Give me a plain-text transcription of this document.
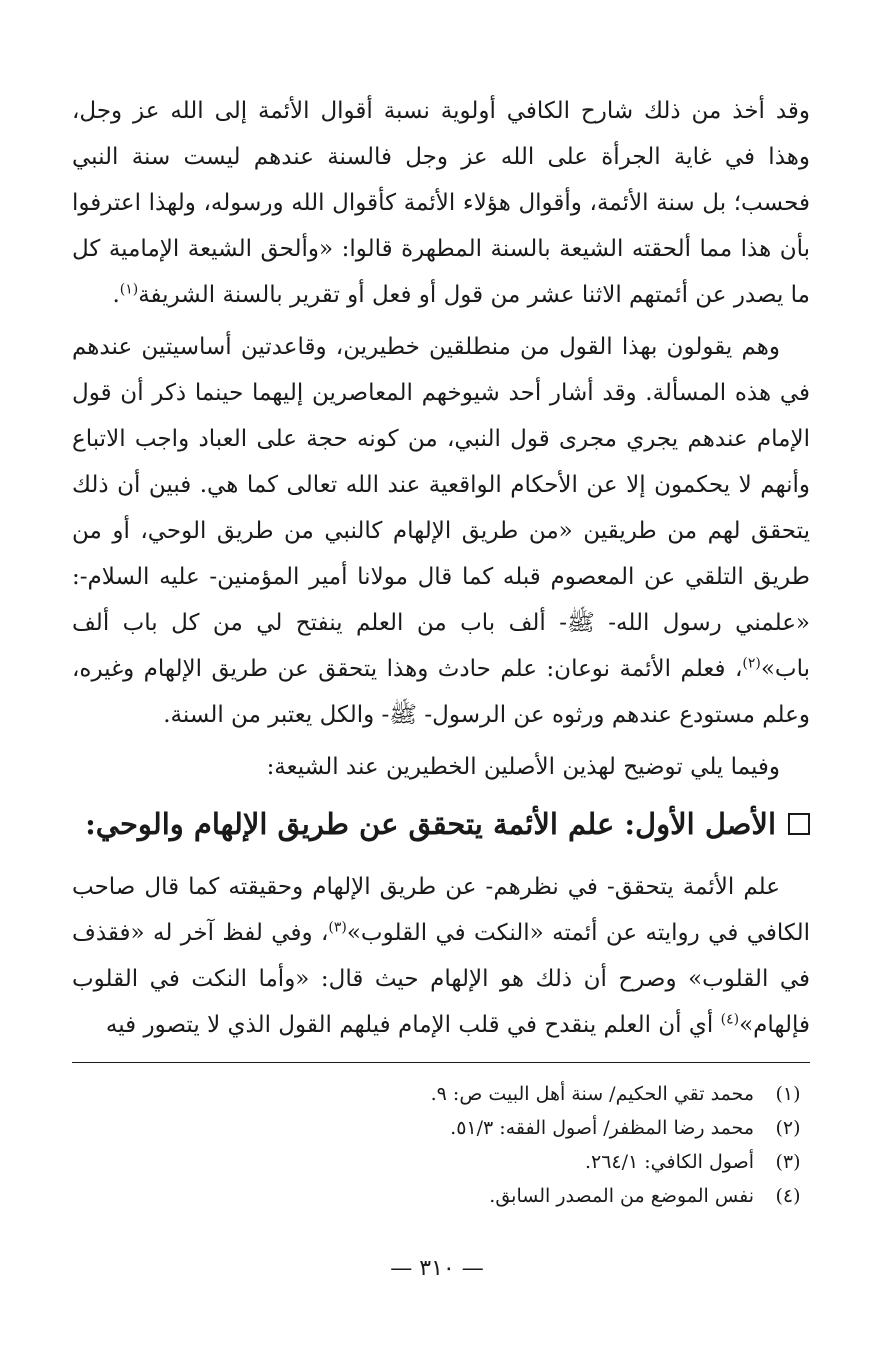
وقد أخذ من ذلك شارح الكافي أولوية نسبة أقوال الأئمة إلى الله عز وجل، وهذا في غاية الجرأة على الله عز وجل فالسنة عندهم ليست سنة النبي فحسب؛ بل سنة الأئمة، وأقوال هؤلاء الأئمة كأقوال الله ورسوله، ولهذا اعترفوا بأن هذا مما ألحقته الشيعة بالسنة المطهرة قالوا: «وألحق الشيعة الإمامية كل ما يصدر عن أئمتهم الاثنا عشر من قول أو فعل أو تقرير بالسنة الشريفة$^{(١)}$.

وهم يقولون بهذا القول من منطلقين خطيرين، وقاعدتين أساسيتين عندهم في هذه المسألة. وقد أشار أحد شيوخهم المعاصرين إليهما حينما ذكر أن قول الإمام عندهم يجري مجرى قول النبي، من كونه حجة على العباد واجب الاتباع وأنهم لا يحكمون إلا عن الأحكام الواقعية عند الله تعالى كما هي. فبين أن ذلك يتحقق لهم من طريقين «من طريق الإلهام كالنبي من طريق الوحي، أو من طريق التلقي عن المعصوم قبله كما قال مولانا أمير المؤمنين- عليه السلام-: «علمني رسول الله- ﷺ- ألف باب من العلم ينفتح لي من كل باب ألف باب»$^{(٢)}$، فعلم الأئمة نوعان: علم حادث وهذا يتحقق عن طريق الإلهام وغيره، وعلم مستودع عندهم ورثوه عن الرسول- ﷺ- والكل يعتبر من السنة.

وفيما يلي توضيح لهذين الأصلين الخطيرين عند الشيعة:

الأصل الأول: علم الأئمة يتحقق عن طريق الإلهام والوحي:

علم الأئمة يتحقق- في نظرهم- عن طريق الإلهام وحقيقته كما قال صاحب الكافي في روايته عن أئمته «النكت في القلوب»$^{(٣)}$، وفي لفظ آخر له «فقذف في القلوب» وصرح أن ذلك هو الإلهام حيث قال: «وأما النكت في القلوب فإلهام»$^{(٤)}$ أي أن العلم ينقدح في قلب الإمام فيلهم القول الذي لا يتصور فيه

(١)
محمد تقي الحكيم/ سنة أهل البيت ص: ٩.
(٢)
محمد رضا المظفر/ أصول الفقه: ٥١/٣.
(٣)
أصول الكافي: ٢٦٤/١.
(٤)
نفس الموضع من المصدر السابق.
— ٣١٠ —
